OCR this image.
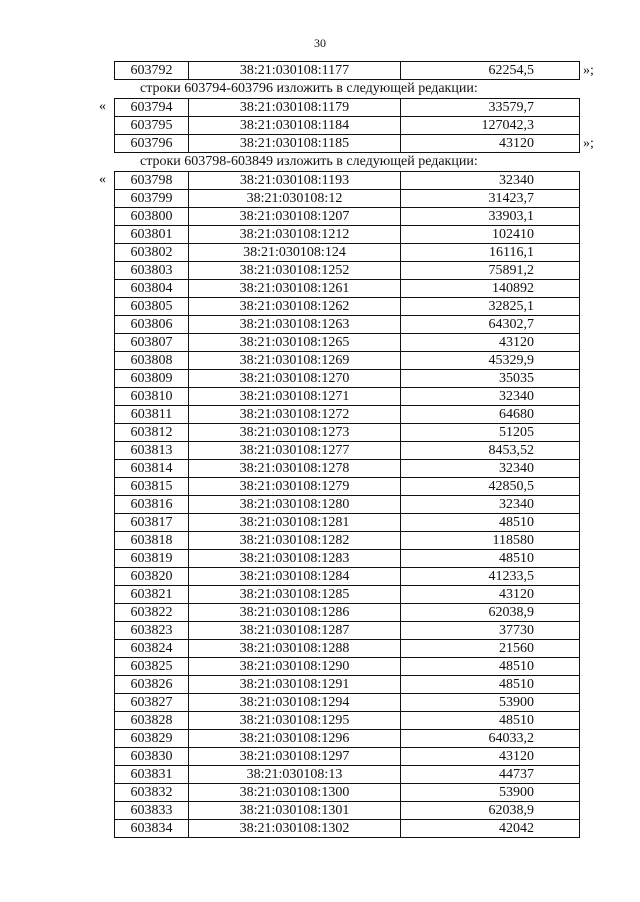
30
603792	38:21:030108:1177	62254,5	»;
строки 603794-603796 изложить в следующей редакции:
« 603794	38:21:030108:1179	33579,7
603795	38:21:030108:1184	127042,3
603796	38:21:030108:1185	43120	»;
строки 603798-603849 изложить в следующей редакции:
« 603798	38:21:030108:1193	32340
603799	38:21:030108:12	31423,7
603800	38:21:030108:1207	33903,1
603801	38:21:030108:1212	102410
603802	38:21:030108:124	16116,1
603803	38:21:030108:1252	75891,2
603804	38:21:030108:1261	140892
603805	38:21:030108:1262	32825,1
603806	38:21:030108:1263	64302,7
603807	38:21:030108:1265	43120
603808	38:21:030108:1269	45329,9
603809	38:21:030108:1270	35035
603810	38:21:030108:1271	32340
603811	38:21:030108:1272	64680
603812	38:21:030108:1273	51205
603813	38:21:030108:1277	8453,52
603814	38:21:030108:1278	32340
603815	38:21:030108:1279	42850,5
603816	38:21:030108:1280	32340
603817	38:21:030108:1281	48510
603818	38:21:030108:1282	118580
603819	38:21:030108:1283	48510
603820	38:21:030108:1284	41233,5
603821	38:21:030108:1285	43120
603822	38:21:030108:1286	62038,9
603823	38:21:030108:1287	37730
603824	38:21:030108:1288	21560
603825	38:21:030108:1290	48510
603826	38:21:030108:1291	48510
603827	38:21:030108:1294	53900
603828	38:21:030108:1295	48510
603829	38:21:030108:1296	64033,2
603830	38:21:030108:1297	43120
603831	38:21:030108:13	44737
603832	38:21:030108:1300	53900
603833	38:21:030108:1301	62038,9
603834	38:21:030108:1302	42042
